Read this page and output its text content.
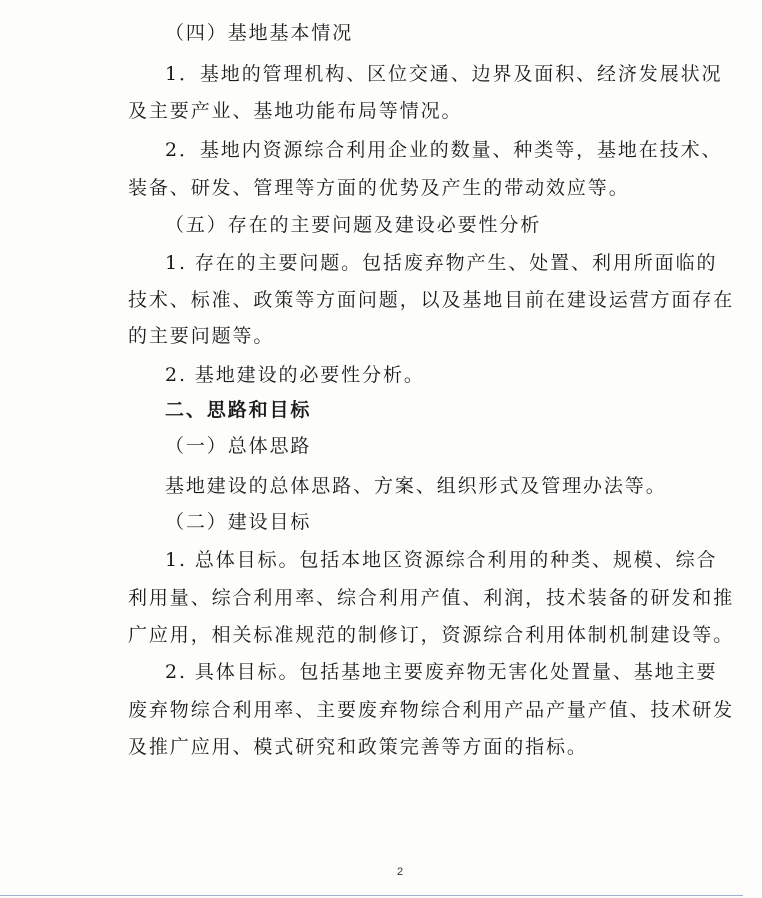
（四）基地基本情况
1．基地的管理机构、区位交通、边界及面积、经济发展状况
及主要产业、基地功能布局等情况。
2．基地内资源综合利用企业的数量、种类等，基地在技术、
装备、研发、管理等方面的优势及产生的带动效应等。
（五）存在的主要问题及建设必要性分析
1. 存在的主要问题。包括废弃物产生、处置、利用所面临的
技术、标准、政策等方面问题，以及基地目前在建设运营方面存在
的主要问题等。
2. 基地建设的必要性分析。
二、思路和目标
（一）总体思路
基地建设的总体思路、方案、组织形式及管理办法等。
（二）建设目标
1. 总体目标。包括本地区资源综合利用的种类、规模、综合
利用量、综合利用率、综合利用产值、利润，技术装备的研发和推
广应用，相关标准规范的制修订，资源综合利用体制机制建设等。
2. 具体目标。包括基地主要废弃物无害化处置量、基地主要
废弃物综合利用率、主要废弃物综合利用产品产量产值、技术研发
及推广应用、模式研究和政策完善等方面的指标。
2
